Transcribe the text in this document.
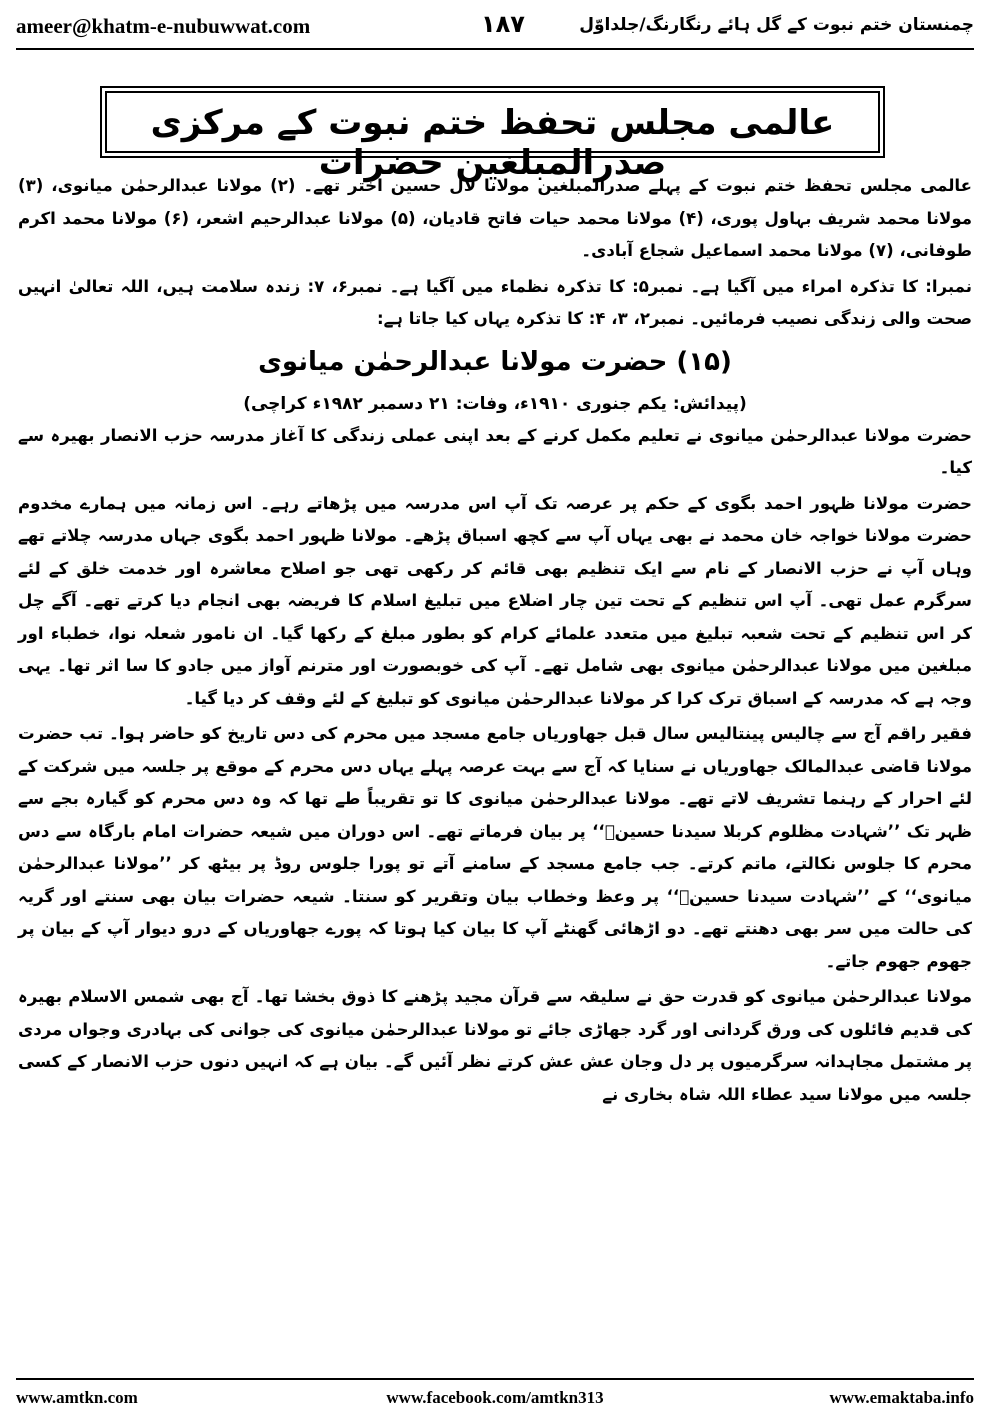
ameer@khatm-e-nubuwwat.com	۱۸۷	چمنستان ختم نبوت کے گل ہائے رنگارنگ/جلداوّل
عالمی مجلس تحفظ ختم نبوت کے مرکزی صدرالمبلغین حضرات

عالمی مجلس تحفظ ختم نبوت کے پہلے صدرالمبلغین مولانا لال حسین اختر تھے۔ (۲) مولانا عبدالرحمٰن میانوی، (۳) مولانا محمد شریف بہاول پوری، (۴) مولانا محمد حیات فاتح قادیان، (۵) مولانا عبدالرحیم اشعر، (۶) مولانا محمد اکرم طوفانی، (۷) مولانا محمد اسماعیل شجاع آبادی۔

نمبرا: کا تذکرہ امراء میں آگیا ہے۔ نمبر۵: کا تذکرہ نظماء میں آگیا ہے۔ نمبر۶، ۷: زندہ سلامت ہیں، اللہ تعالیٰ انہیں صحت والی زندگی نصیب فرمائیں۔ نمبر۲، ۳، ۴: کا تذکرہ یہاں کیا جاتا ہے:

(۱۵) حضرت مولانا عبدالرحمٰن میانوی
(پیدائش: یکم جنوری ۱۹۱۰ء، وفات: ۲۱ دسمبر ۱۹۸۲ء کراچی)

حضرت مولانا عبدالرحمٰن میانوی نے تعلیم مکمل کرنے کے بعد اپنی عملی زندگی کا آغاز مدرسہ حزب الانصار بھیرہ سے کیا۔

حضرت مولانا ظہور احمد بگوی کے حکم پر عرصہ تک آپ اس مدرسہ میں پڑھاتے رہے۔ اس زمانہ میں ہمارے مخدوم حضرت مولانا خواجہ خان محمد نے بھی یہاں آپ سے کچھ اسباق پڑھے۔ مولانا ظہور احمد بگوی جہاں مدرسہ چلاتے تھے وہاں آپ نے حزب الانصار کے نام سے ایک تنظیم بھی قائم کر رکھی تھی جو اصلاح معاشرہ اور خدمت خلق کے لئے سرگرم عمل تھی۔ آپ اس تنظیم کے تحت تین چار اضلاع میں تبلیغ اسلام کا فریضہ بھی انجام دیا کرتے تھے۔ آگے چل کر اس تنظیم کے تحت شعبہ تبلیغ میں متعدد علمائے کرام کو بطور مبلغ کے رکھا گیا۔ ان نامور شعلہ نوا، خطباء اور مبلغین میں مولانا عبدالرحمٰن میانوی بھی شامل تھے۔ آپ کی خوبصورت اور مترنم آواز میں جادو کا سا اثر تھا۔ یہی وجہ ہے کہ مدرسہ کے اسباق ترک کرا کر مولانا عبدالرحمٰن میانوی کو تبلیغ کے لئے وقف کر دیا گیا۔

فقیر راقم آج سے چالیس پینتالیس سال قبل جھاوریاں جامع مسجد میں محرم کی دس تاریخ کو حاضر ہوا۔ تب حضرت مولانا قاضی عبدالمالک جھاوریاں نے سنایا کہ آج سے بہت عرصہ پہلے یہاں دس محرم کے موقع پر جلسہ میں شرکت کے لئے احرار کے رہنما تشریف لاتے تھے۔ مولانا عبدالرحمٰن میانوی کا تو تقریباً طے تھا کہ وہ دس محرم کو گیارہ بجے سے ظہر تک ’’شہادت مظلوم کربلا سیدنا حسینؓ‘‘ پر بیان فرماتے تھے۔ اس دوران میں شیعہ حضرات امام بارگاہ سے دس محرم کا جلوس نکالتے، ماتم کرتے۔ جب جامع مسجد کے سامنے آتے تو پورا جلوس روڈ پر بیٹھ کر ’’مولانا عبدالرحمٰن میانوی‘‘ کے ’’شہادت سیدنا حسینؓ‘‘ پر وعظ وخطاب بیان وتقریر کو سنتا۔ شیعہ حضرات بیان بھی سنتے اور گریہ کی حالت میں سر بھی دھنتے تھے۔ دو اڑھائی گھنٹے آپ کا بیان کیا ہوتا کہ پورے جھاوریاں کے درو دیوار آپ کے بیان پر جھوم جھوم جاتے۔

مولانا عبدالرحمٰن میانوی کو قدرت حق نے سلیقہ سے قرآن مجید پڑھنے کا ذوق بخشا تھا۔ آج بھی شمس الاسلام بھیرہ کی قدیم فائلوں کی ورق گردانی اور گرد جھاڑی جائے تو مولانا عبدالرحمٰن میانوی کی جوانی کی بہادری وجواں مردی پر مشتمل مجاہدانہ سرگرمیوں پر دل وجان عش عش کرتے نظر آئیں گے۔ بیان ہے کہ انہیں دنوں حزب الانصار کے کسی جلسہ میں مولانا سید عطاء اللہ شاہ بخاری نے

www.amtkn.com	www.facebook.com/amtkn313	www.emaktaba.info
